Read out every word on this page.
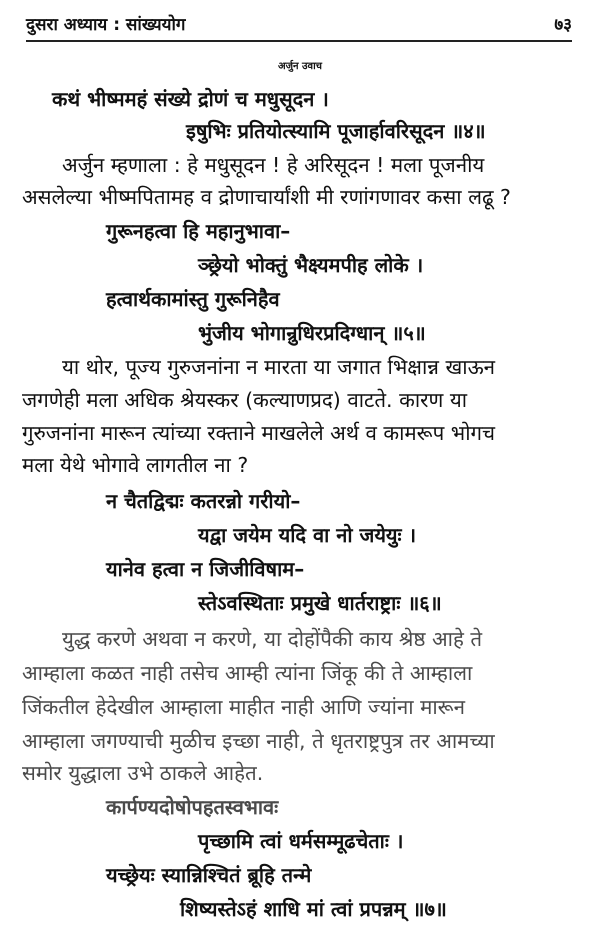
दुसरा अध्याय : सांख्ययोग	७३
अर्जुन उवाच
कथं भीष्ममहं संख्ये द्रोणं च मधुसूदन ।
इषुभिः प्रतियोत्स्यामि पूजार्हावरिसूदन ॥४॥
अर्जुन म्हणाला : हे मधुसूदन ! हे अरिसूदन ! मला पूजनीय
असलेल्या भीष्मपितामह व द्रोणाचार्यांशी मी रणांगणावर कसा लढू ?
गुरूनहत्वा हि महानुभावा–
ञ्छ्रेयो भोक्तुं भैक्ष्यमपीह लोके ।
हत्वार्थकामांस्तु गुरूनिहैव
भुंजीय भोगान्रुधिरप्रदिग्धान् ॥५॥
या थोर, पूज्य गुरुजनांना न मारता या जगात भिक्षान्न खाऊन
जगणेही मला अधिक श्रेयस्कर (कल्याणप्रद) वाटते. कारण या
गुरुजनांना मारून त्यांच्या रक्ताने माखलेले अर्थ व कामरूप भोगच
मला येथे भोगावे लागतील ना ?
न चैतद्विद्मः कतरन्नो गरीयो–
यद्वा जयेम यदि वा नो जयेयुः ।
यानेव हत्वा न जिजीविषाम–
स्तेऽवस्थिताः प्रमुखे धार्तराष्ट्राः ॥६॥
युद्ध करणे अथवा न करणे, या दोहोंपैकी काय श्रेष्ठ आहे ते
आम्हाला कळत नाही तसेच आम्ही त्यांना जिंकू की ते आम्हाला
जिंकतील हेदेखील आम्हाला माहीत नाही आणि ज्यांना मारून
आम्हाला जगण्याची मुळीच इच्छा नाही, ते धृतराष्ट्रपुत्र तर आमच्या
समोर युद्धाला उभे ठाकले आहेत.
कार्पण्यदोषोपहतस्वभावः
पृच्छामि त्वां धर्मसम्मूढचेताः ।
यच्छ्रेयः स्यान्निश्चितं ब्रूहि तन्मे
शिष्यस्तेऽहं शाधि मां त्वां प्रपन्नम् ॥७॥
